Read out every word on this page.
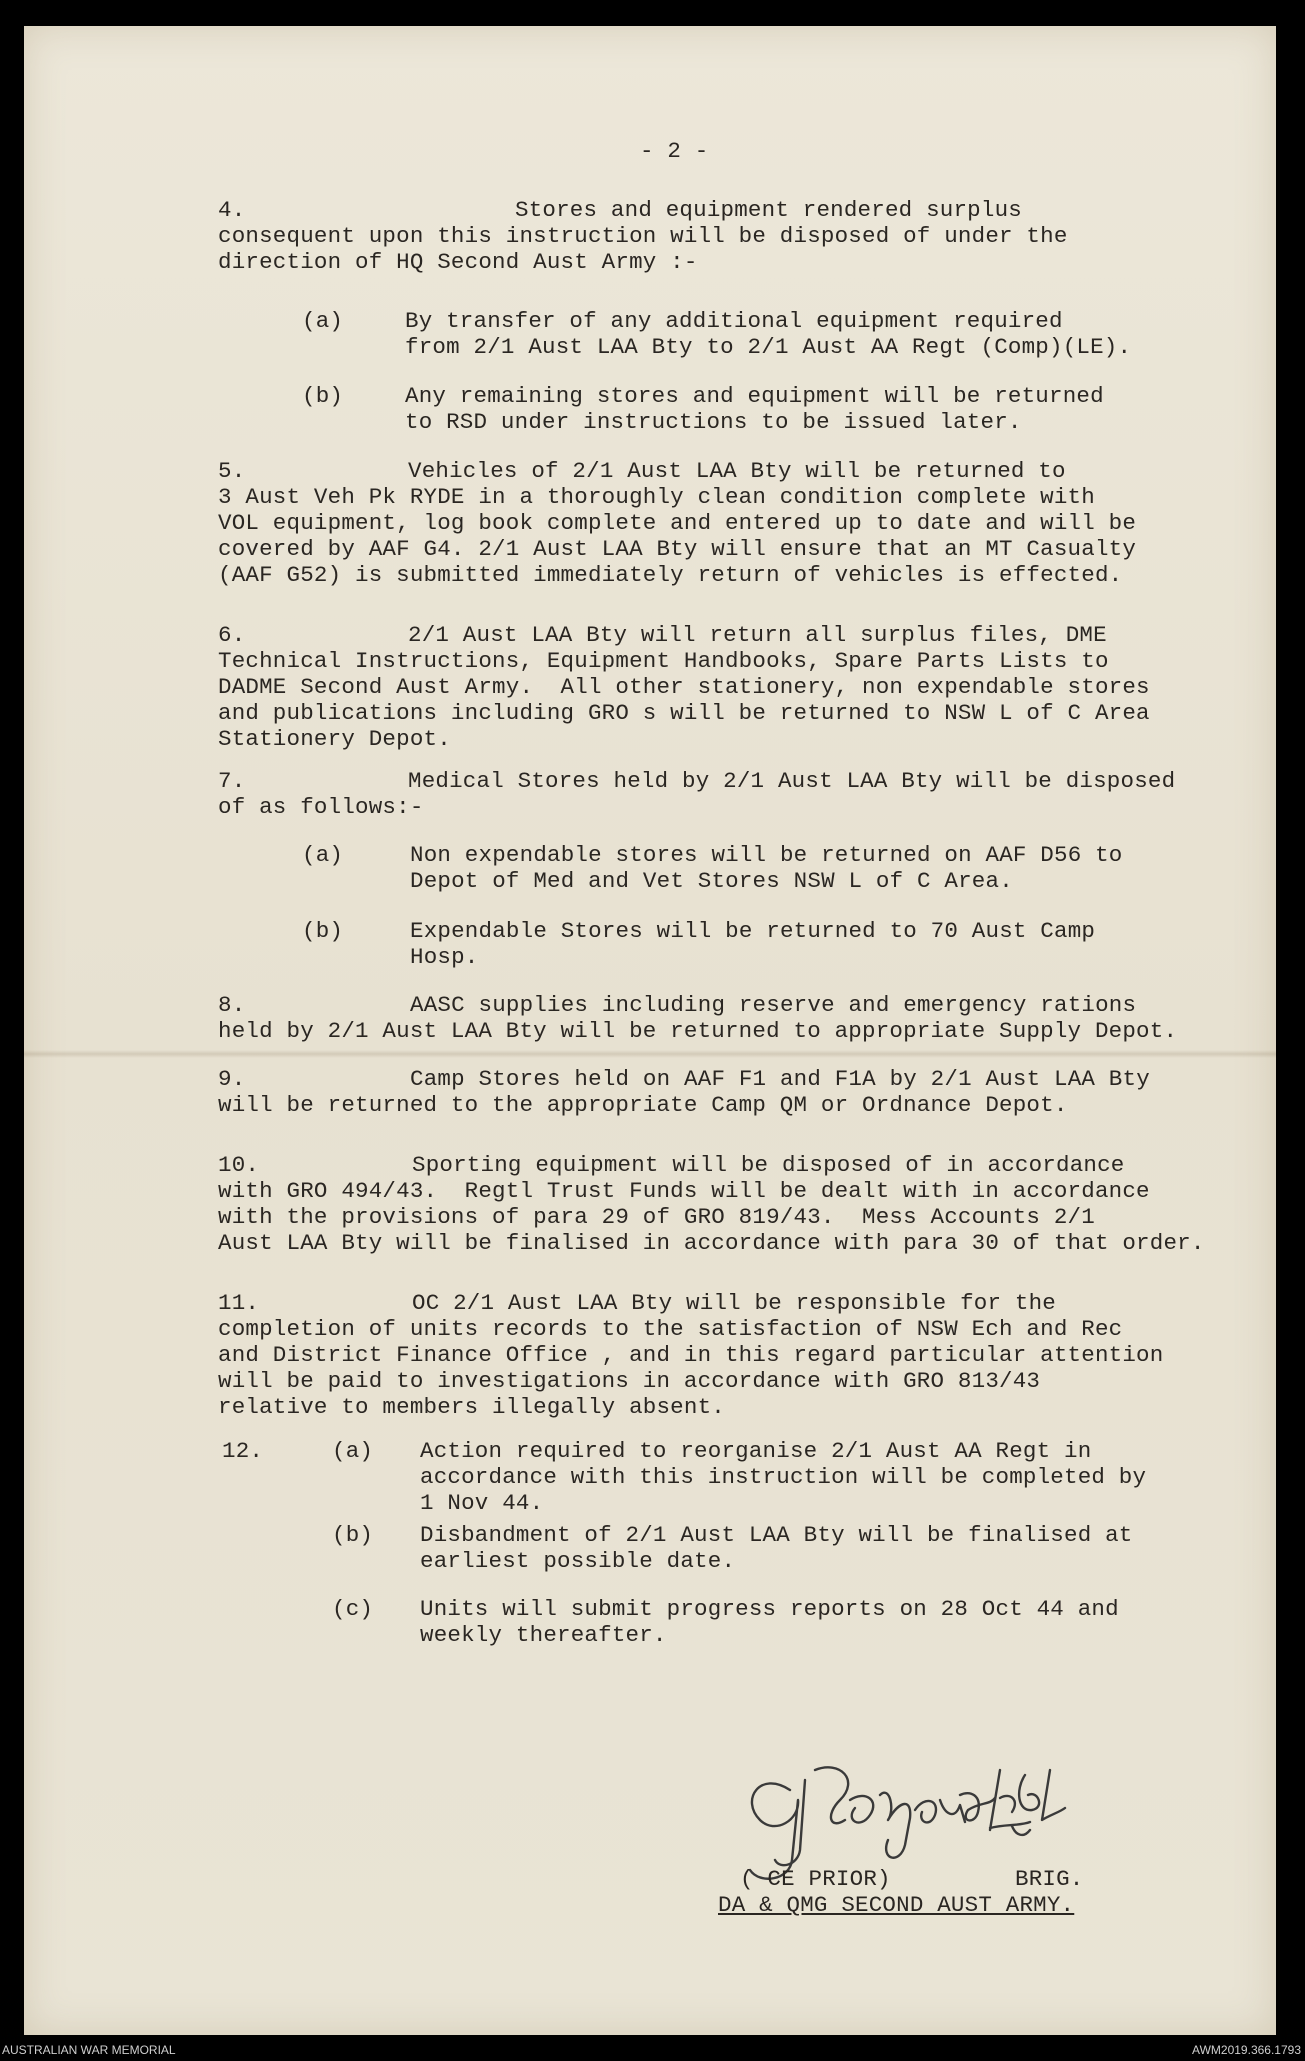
- 2 -
4.	Stores and equipment rendered surplus
consequent upon this instruction will be disposed of under the
direction of HQ Second Aust Army :-
(a)	By transfer of any additional equipment required
from 2/1 Aust LAA Bty to 2/1 Aust AA Regt (Comp)(LE).
(b)	Any remaining stores and equipment will be returned
to RSD under instructions to be issued later.
5.	Vehicles of 2/1 Aust LAA Bty will be returned to
3 Aust Veh Pk RYDE in a thoroughly clean condition complete with
VOL equipment, log book complete and entered up to date and will be
covered by AAF G4. 2/1 Aust LAA Bty will ensure that an MT Casualty
(AAF G52) is submitted immediately return of vehicles is effected.
6.	2/1 Aust LAA Bty will return all surplus files, DME
Technical Instructions, Equipment Handbooks, Spare Parts Lists to
DADME Second Aust Army.  All other stationery, non expendable stores
and publications including GRO s will be returned to NSW L of C Area
Stationery Depot.
7.	Medical Stores held by 2/1 Aust LAA Bty will be disposed
of as follows:-
(a)	Non expendable stores will be returned on AAF D56 to
Depot of Med and Vet Stores NSW L of C Area.
(b)	Expendable Stores will be returned to 70 Aust Camp
Hosp.
8.	AASC supplies including reserve and emergency rations
held by 2/1 Aust LAA Bty will be returned to appropriate Supply Depot.
9.	Camp Stores held on AAF F1 and F1A by 2/1 Aust LAA Bty
will be returned to the appropriate Camp QM or Ordnance Depot.
10.	Sporting equipment will be disposed of in accordance
with GRO 494/43.  Regtl Trust Funds will be dealt with in accordance
with the provisions of para 29 of GRO 819/43.  Mess Accounts 2/1
Aust LAA Bty will be finalised in accordance with para 30 of that order.
11.	OC 2/1 Aust LAA Bty will be responsible for the
completion of units records to the satisfaction of NSW Ech and Rec
and District Finance Office , and in this regard particular attention
will be paid to investigations in accordance with GRO 813/43
relative to members illegally absent.
12.	(a) Action required to reorganise 2/1 Aust AA Regt in
accordance with this instruction will be completed by
1 Nov 44.
(b) Disbandment of 2/1 Aust LAA Bty will be finalised at
earliest possible date.
(c) Units will submit progress reports on 28 Oct 44 and
weekly thereafter.
( CE PRIOR)	BRIG.
DA & QMG SECOND AUST ARMY.
AUSTRALIAN WAR MEMORIAL	AWM2019.366.1793
